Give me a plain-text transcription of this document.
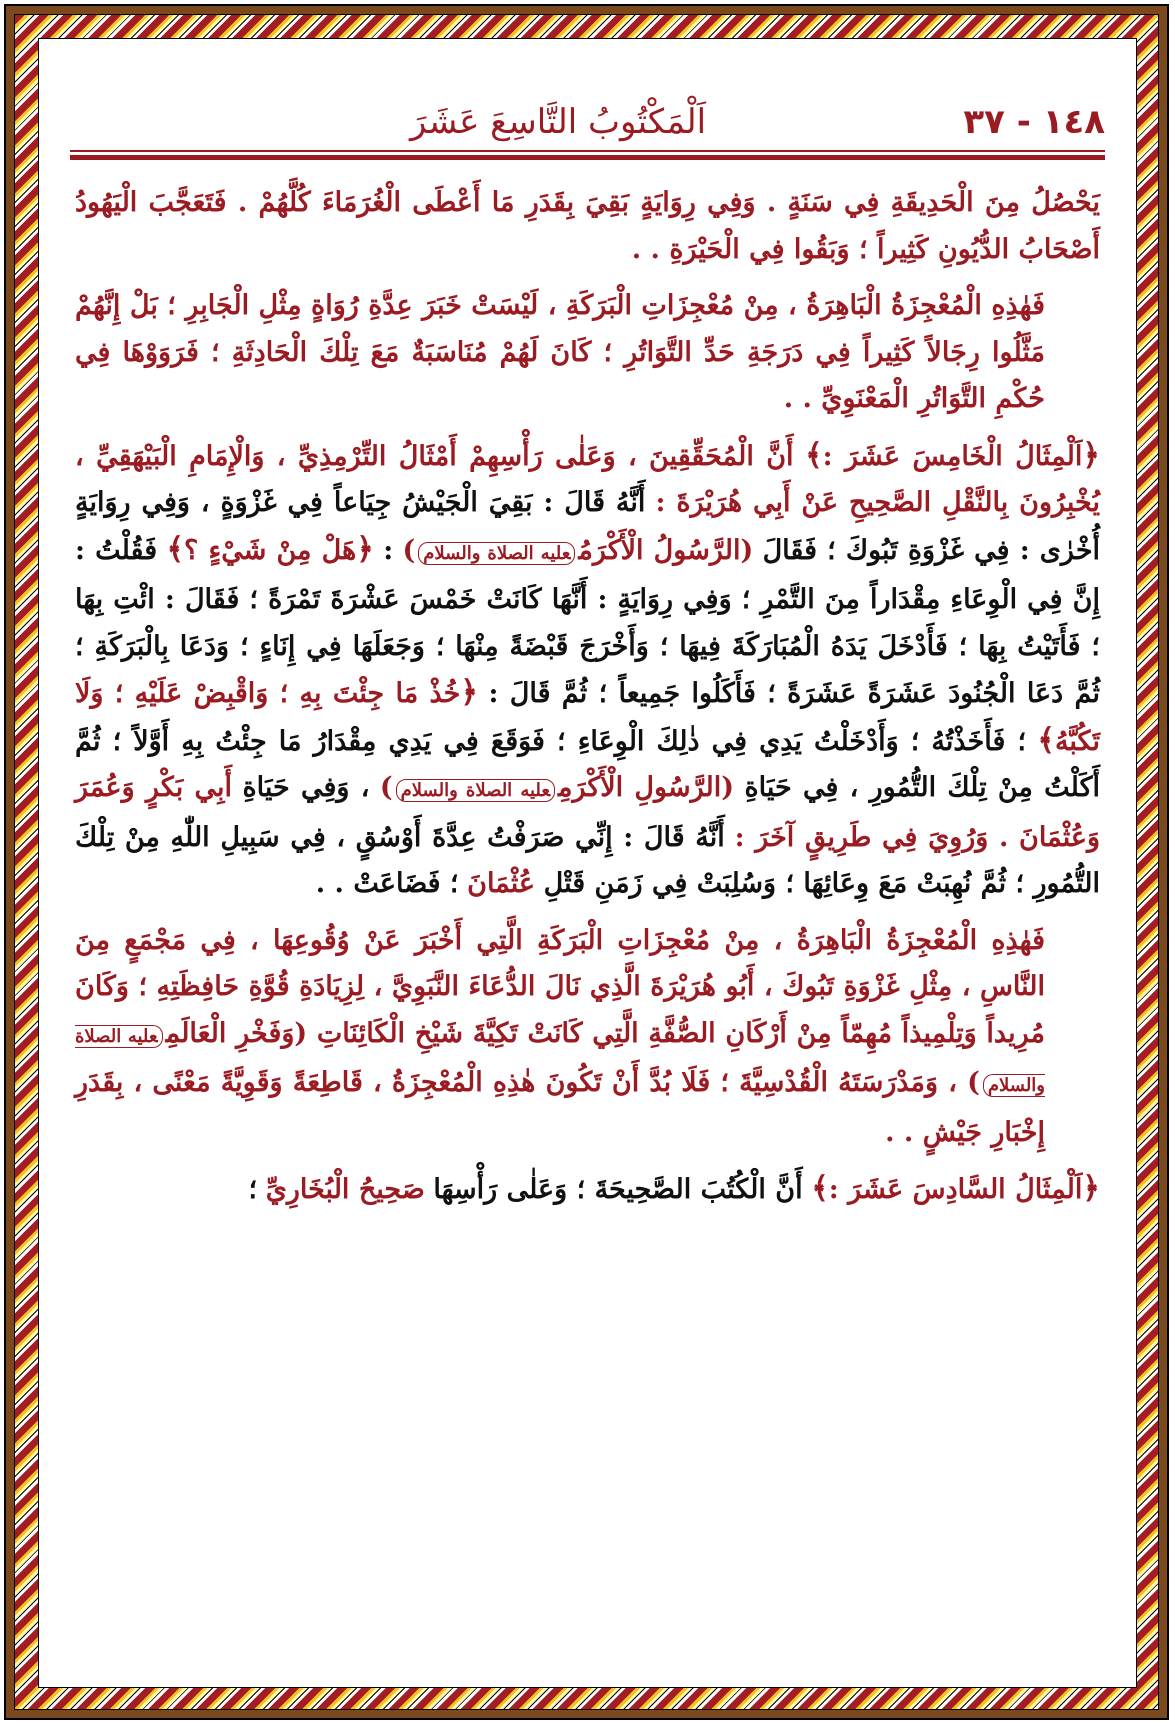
١٤٨ - ٣٧
اَلْمَكْتُوبُ التَّاسِعَ عَشَرَ

يَحْصُلُ مِنَ الْحَدِيقَةِ فِي سَنَةٍ . وَفِي رِوَايَةٍ بَقِيَ بِقَدَرِ مَا أَعْطَى الْغُرَمَاءَ كُلَّهُمْ . فَتَعَجَّبَ الْيَهُودُ أَصْحَابُ الدُّيُونِ كَثِيراً ؛ وَبَقُوا فِي الْحَيْرَةِ . .

فَهٰذِهِ الْمُعْجِزَةُ الْبَاهِرَةُ ، مِنْ مُعْجِزَاتِ الْبَرَكَةِ ، لَيْسَتْ خَبَرَ عِدَّةِ رُوَاةٍ مِثْلِ الْجَابِرِ ؛ بَلْ إِنَّهُمْ مَثَّلُوا رِجَالاً كَثِيراً فِي دَرَجَةِ حَدِّ التَّوَاتُرِ ؛ كَانَ لَهُمْ مُنَاسَبَةٌ مَعَ تِلْكَ الْحَادِثَةِ ؛ فَرَوَوْهَا فِي حُكْمِ التَّوَاتُرِ الْمَعْنَوِيِّ . .

﴿اَلْمِثَالُ الْخَامِسَ عَشَرَ :﴾ أَنَّ الْمُحَقِّقِينَ ، وَعَلٰى رَأْسِهِمْ أَمْثَالُ التِّرْمِذِيِّ ، وَالْإِمَامِ الْبَيْهَقِيِّ ، يُخْبِرُونَ بِالنَّقْلِ الصَّحِيحِ عَنْ أَبِي هُرَيْرَةَ : أَنَّهُ قَالَ : بَقِيَ الْجَيْشُ جِيَاعاً فِي غَزْوَةٍ ، وَفِي رِوَايَةٍ أُخْرٰى : فِي غَزْوَةِ تَبُوكَ ؛ فَقَالَ (الرَّسُولُ الْأَكْرَمُعليه الصلاة والسلام) : ﴿هَلْ مِنْ شَيْءٍ ؟﴾ فَقُلْتُ : إِنَّ فِي الْوِعَاءِ مِقْدَاراً مِنَ التَّمْرِ ؛ وَفِي رِوَايَةٍ : أَنَّهَا كَانَتْ خَمْسَ عَشْرَةَ تَمْرَةً ؛ فَقَالَ : ائْتِ بِهَا ؛ فَأَتَيْتُ بِهَا ؛ فَأَدْخَلَ يَدَهُ الْمُبَارَكَةَ فِيهَا ؛ وَأَخْرَجَ قَبْضَةً مِنْهَا ؛ وَجَعَلَهَا فِي إِنَاءٍ ؛ وَدَعَا بِالْبَرَكَةِ ؛ ثُمَّ دَعَا الْجُنُودَ عَشَرَةً عَشَرَةً ؛ فَأَكَلُوا جَمِيعاً ؛ ثُمَّ قَالَ : ﴿خُذْ مَا جِئْتَ بِهِ ؛ وَاقْبِضْ عَلَيْهِ ؛ وَلَا تَكُبَّهُ﴾ ؛ فَأَخَذْتُهُ ؛ وَأَدْخَلْتُ يَدِي فِي ذٰلِكَ الْوِعَاءِ ؛ فَوَقَعَ فِي يَدِي مِقْدَارُ مَا جِئْتُ بِهِ أَوَّلاً ؛ ثُمَّ أَكَلْتُ مِنْ تِلْكَ التُّمُورِ ، فِي حَيَاةِ (الرَّسُولِ الْأَكْرَمِعليه الصلاة والسلام) ، وَفِي حَيَاةِ أَبِي بَكْرٍ وَعُمَرَ وَعُثْمَانَ . وَرُوِيَ فِي طَرِيقٍ آخَرَ : أَنَّهُ قَالَ : إِنِّي صَرَفْتُ عِدَّةَ أَوْسُقٍ ، فِي سَبِيلِ اللّٰهِ مِنْ تِلْكَ التُّمُورِ ؛ ثُمَّ نُهِبَتْ مَعَ وِعَائِهَا ؛ وَسُلِبَتْ فِي زَمَنِ قَتْلِ عُثْمَانَ ؛ فَضَاعَتْ . .

فَهٰذِهِ الْمُعْجِزَةُ الْبَاهِرَةُ ، مِنْ مُعْجِزَاتِ الْبَرَكَةِ الَّتِي أَخْبَرَ عَنْ وُقُوعِهَا ، فِي مَجْمَعٍ مِنَ النَّاسِ ، مِثْلِ غَزْوَةِ تَبُوكَ ، أَبُو هُرَيْرَةَ الَّذِي نَالَ الدُّعَاءَ النَّبَوِيَّ ، لِزِيَادَةِ قُوَّةِ حَافِظَتِهِ ؛ وَكَانَ مُرِيداً وَتِلْمِيذاً مُهِمّاً مِنْ أَرْكَانِ الصُّفَّةِ الَّتِي كَانَتْ تَكِيَّةَ شَيْخِ الْكَائِنَاتِ (وَفَخْرِ الْعَالَمِعليه الصلاة والسلام) ، وَمَدْرَسَتَهُ الْقُدْسِيَّةَ ؛ فَلَا بُدَّ أَنْ تَكُونَ هٰذِهِ الْمُعْجِزَةُ ، قَاطِعَةً وَقَوِيَّةً مَعْنًى ، بِقَدَرِ إِخْبَارِ جَيْشٍ . .

﴿اَلْمِثَالُ السَّادِسَ عَشَرَ :﴾ أَنَّ الْكُتُبَ الصَّحِيحَةَ ؛ وَعَلٰى رَأْسِهَا صَحِيحُ الْبُخَارِيِّ ؛
